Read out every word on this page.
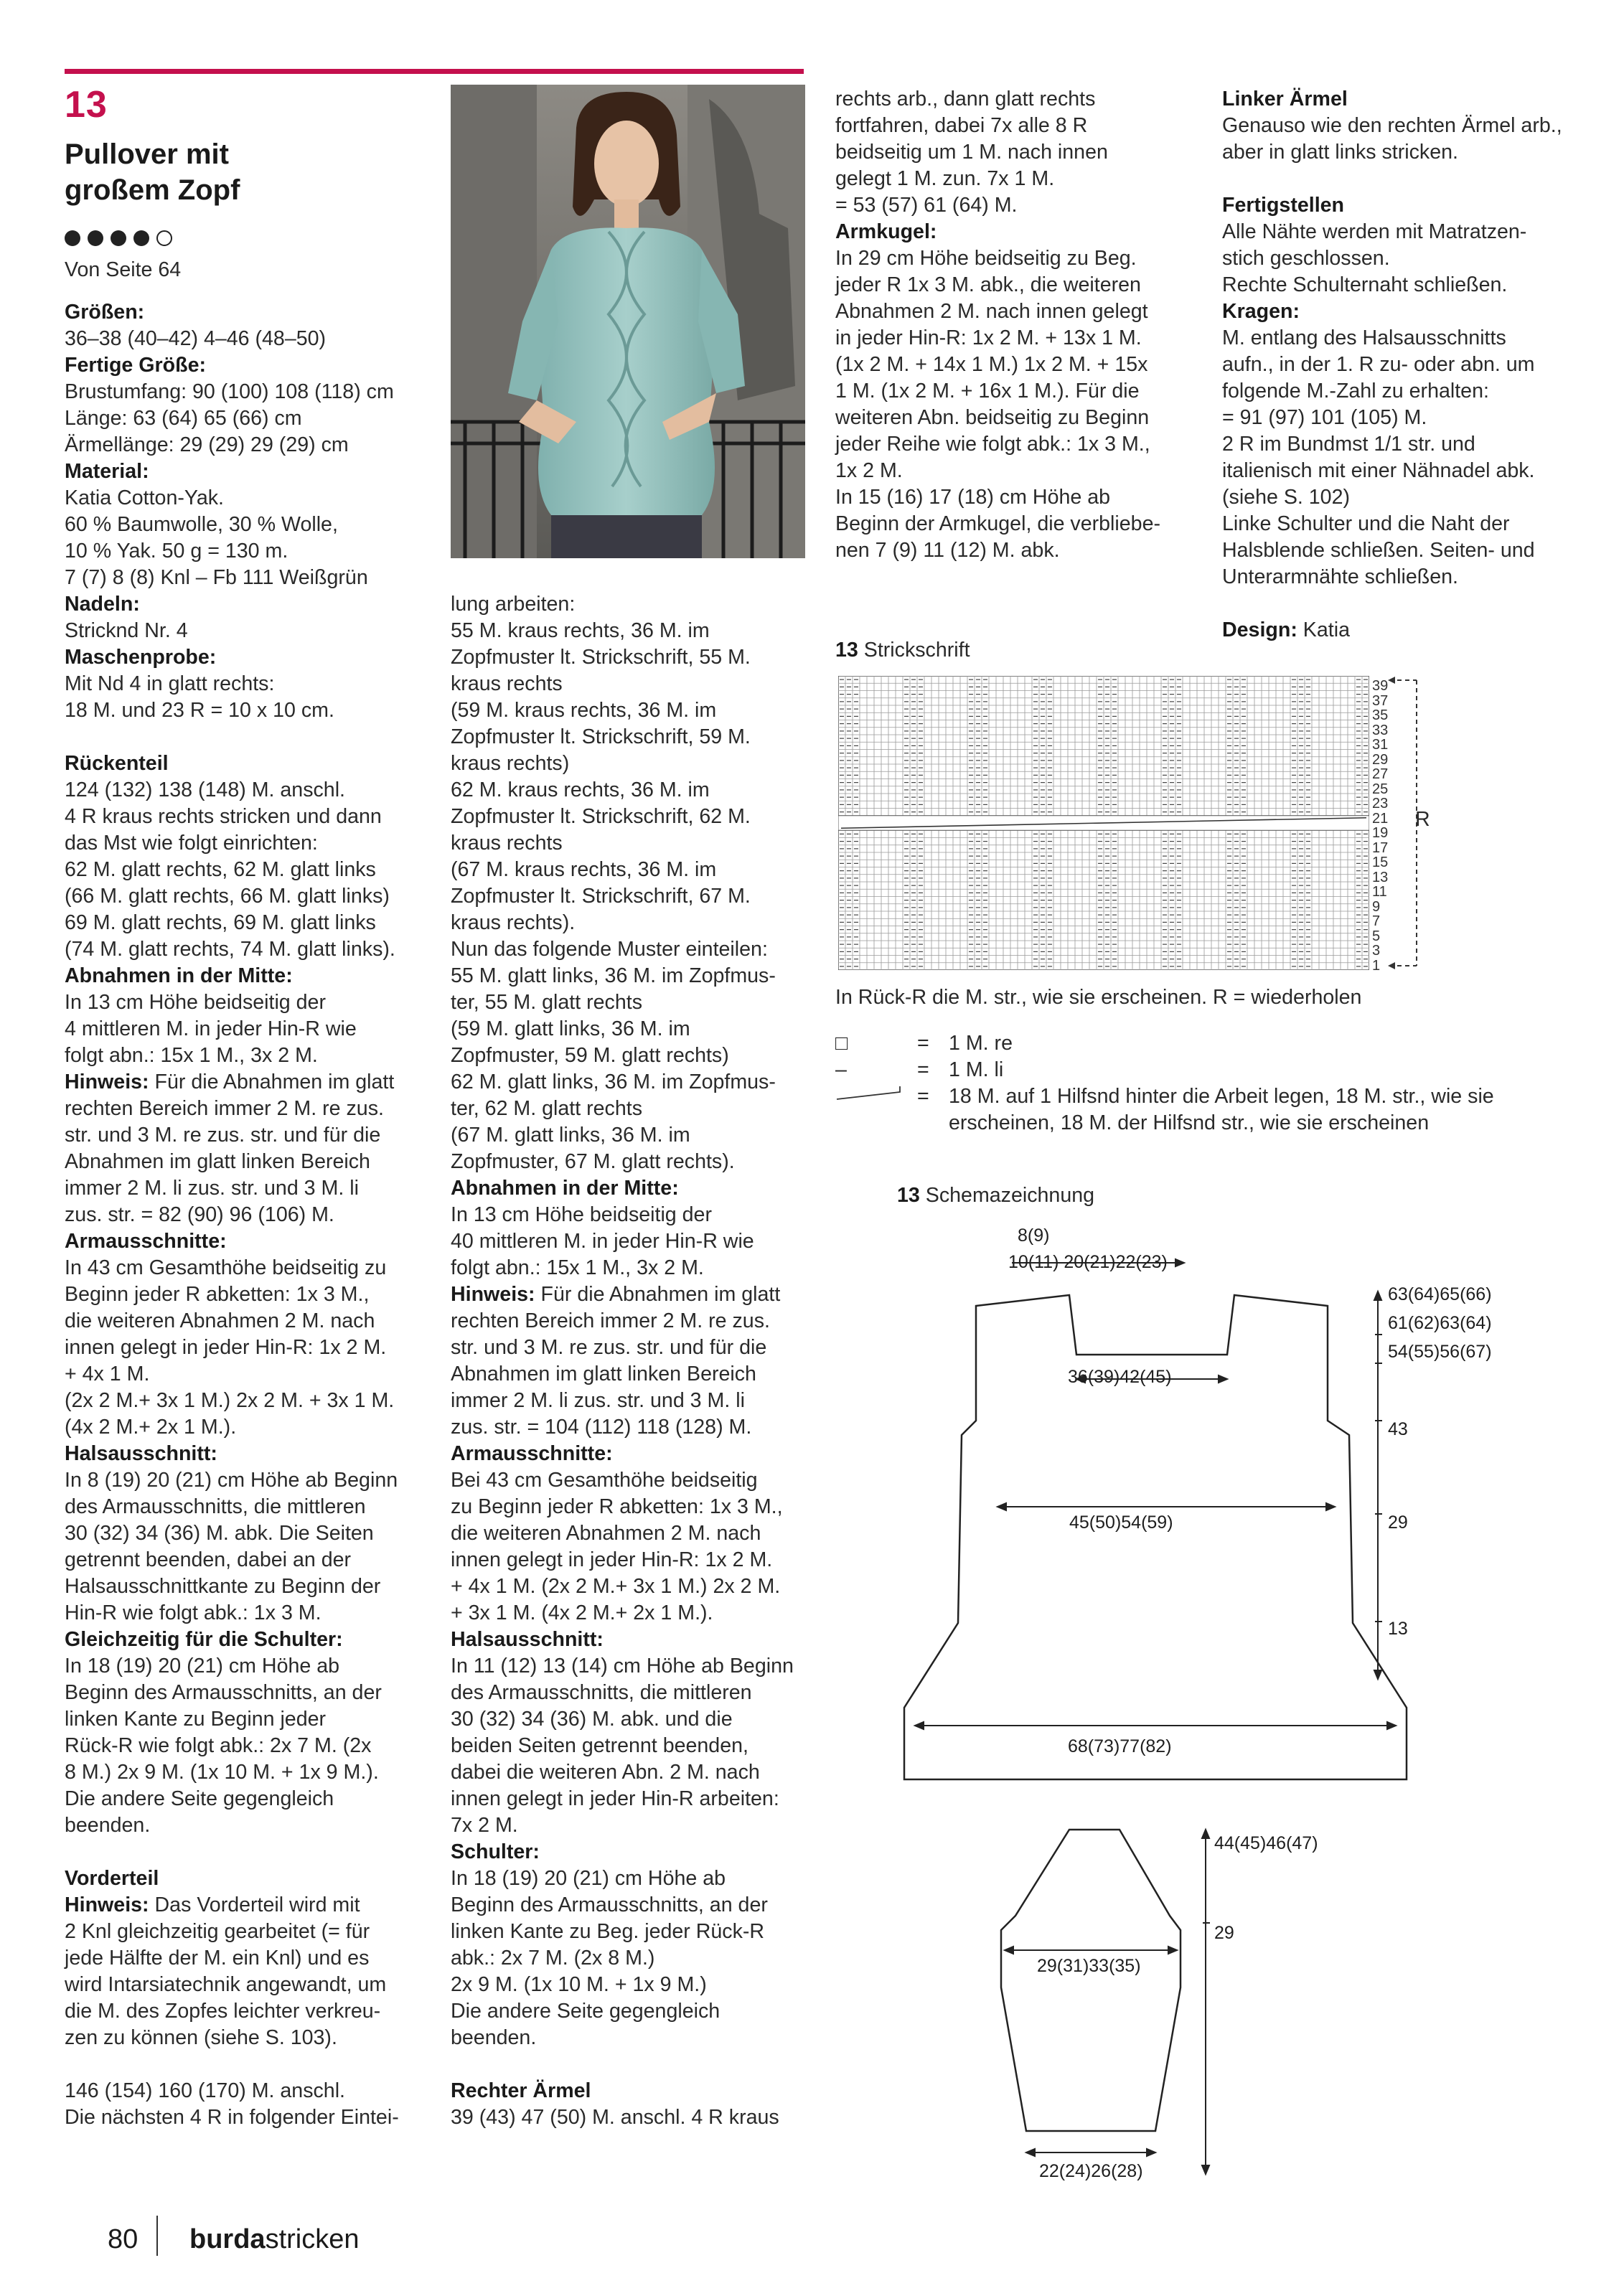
13

Pullover mit

großem Zopf

Von Seite 64

Größen:

36–38 (40–42) 4–46 (48–50)

Fertige Größe:

Brustumfang: 90 (100) 108 (118) cm

Länge: 63 (64) 65 (66) cm

Ärmellänge: 29 (29) 29 (29) cm

Material:

Katia Cotton-Yak.

60 % Baumwolle, 30 % Wolle,

10 % Yak. 50 g = 130 m.

7 (7) 8 (8) Knl – Fb 111 Weißgrün

Nadeln:

Stricknd Nr. 4

Maschenprobe:

Mit Nd 4 in glatt rechts:

18 M. und 23 R = 10 x 10 cm.

Rückenteil

124 (132) 138 (148) M. anschl.

4 R kraus rechts stricken und dann

das Mst wie folgt einrichten:

62 M. glatt rechts, 62 M. glatt links

(66 M. glatt rechts, 66 M. glatt links)

69 M. glatt rechts, 69 M. glatt links

(74 M. glatt rechts, 74 M. glatt links).

Abnahmen in der Mitte:

In 13 cm Höhe beidseitig der

4 mittleren M. in jeder Hin-R wie

folgt abn.: 15x 1 M., 3x 2 M.

Hinweis: Für die Abnahmen im glatt

rechten Bereich immer 2 M. re zus.

str. und 3 M. re zus. str. und für die

Abnahmen im glatt linken Bereich

immer 2 M. li zus. str. und 3 M. li

zus. str. = 82 (90) 96 (106) M.

Armausschnitte:

In 43 cm Gesamthöhe beidseitig zu

Beginn jeder R abketten: 1x 3 M.,

die weiteren Abnahmen 2 M. nach

innen gelegt in jeder Hin-R: 1x 2 M.

+ 4x 1 M.

(2x 2 M.+ 3x 1 M.) 2x 2 M. + 3x 1 M.

(4x 2 M.+ 2x 1 M.).

Halsausschnitt:

In 8 (19) 20 (21) cm Höhe ab Beginn

des Armausschnitts, die mittleren

30 (32) 34 (36) M. abk. Die Seiten

getrennt beenden, dabei an der

Halsausschnittkante zu Beginn der

Hin-R wie folgt abk.: 1x 3 M.

Gleichzeitig für die Schulter:

In 18 (19) 20 (21) cm Höhe ab

Beginn des Armausschnitts, an der

linken Kante zu Beginn jeder

Rück-R wie folgt abk.: 2x 7 M. (2x

8 M.) 2x 9 M. (1x 10 M. + 1x 9 M.).

Die andere Seite gegengleich

beenden.

Vorderteil

Hinweis: Das Vorderteil wird mit

2 Knl gleichzeitig gearbeitet (= für

jede Hälfte der M. ein Knl) und es

wird Intarsiatechnik angewandt, um

die M. des Zopfes leichter verkreu-

zen zu können (siehe S. 103).

146 (154) 160 (170) M. anschl.

Die nächsten 4 R in folgender Eintei-

lung arbeiten:

55 M. kraus rechts, 36 M. im

Zopfmuster lt. Strickschrift, 55 M.

kraus rechts

(59 M. kraus rechts, 36 M. im

Zopfmuster lt. Strickschrift, 59 M.

kraus rechts)

62 M. kraus rechts, 36 M. im

Zopfmuster lt. Strickschrift, 62 M.

kraus rechts

(67 M. kraus rechts, 36 M. im

Zopfmuster lt. Strickschrift, 67 M.

kraus rechts).

Nun das folgende Muster einteilen:

55 M. glatt links, 36 M. im Zopfmus-

ter, 55 M. glatt rechts

(59 M. glatt links, 36 M. im

Zopfmuster, 59 M. glatt rechts)

62 M. glatt links, 36 M. im Zopfmus-

ter, 62 M. glatt rechts

(67 M. glatt links, 36 M. im

Zopfmuster, 67 M. glatt rechts).

Abnahmen in der Mitte:

In 13 cm Höhe beidseitig der

40 mittleren M. in jeder Hin-R wie

folgt abn.: 15x 1 M., 3x 2 M.

Hinweis: Für die Abnahmen im glatt

rechten Bereich immer 2 M. re zus.

str. und 3 M. re zus. str. und für die

Abnahmen im glatt linken Bereich

immer 2 M. li zus. str. und 3 M. li

zus. str. = 104 (112) 118 (128) M.

Armausschnitte:

Bei 43 cm Gesamthöhe beidseitig

zu Beginn jeder R abketten: 1x 3 M.,

die weiteren Abnahmen 2 M. nach

innen gelegt in jeder Hin-R: 1x 2 M.

+ 4x 1 M. (2x 2 M.+ 3x 1 M.) 2x 2 M.

+ 3x 1 M. (4x 2 M.+ 2x 1 M.).

Halsausschnitt:

In 11 (12) 13 (14) cm Höhe ab Beginn

des Armausschnitts, die mittleren

30 (32) 34 (36) M. abk. und die

beiden Seiten getrennt beenden,

dabei die weiteren Abn. 2 M. nach

innen gelegt in jeder Hin-R arbeiten:

7x 2 M.

Schulter:

In 18 (19) 20 (21) cm Höhe ab

Beginn des Armausschnitts, an der

linken Kante zu Beg. jeder Rück-R

abk.: 2x 7 M. (2x 8 M.)

2x 9 M. (1x 10 M. + 1x 9 M.)

Die andere Seite gegengleich

beenden.

Rechter Ärmel

39 (43) 47 (50) M. anschl. 4 R kraus

rechts arb., dann glatt rechts

fortfahren, dabei 7x alle 8 R

beidseitig um 1 M. nach innen

gelegt 1 M. zun. 7x 1 M.

= 53 (57) 61 (64) M.

Armkugel:

In 29 cm Höhe beidseitig zu Beg.

jeder R 1x 3 M. abk., die weiteren

Abnahmen 2 M. nach innen gelegt

in jeder Hin-R: 1x 2 M. + 13x 1 M.

(1x 2 M. + 14x 1 M.) 1x 2 M. + 15x

1 M. (1x 2 M. + 16x 1 M.). Für die

weiteren Abn. beidseitig zu Beginn

jeder Reihe wie folgt abk.: 1x 3 M.,

1x 2 M.

In 15 (16) 17 (18) cm Höhe ab

Beginn der Armkugel, die verbliebe-

nen 7 (9) 11 (12) M. abk.

Linker Ärmel

Genauso wie den rechten Ärmel arb.,

aber in glatt links stricken.

Fertigstellen

Alle Nähte werden mit Matratzen-

stich geschlossen.

Rechte Schulternaht schließen.

Kragen:

M. entlang des Halsausschnitts

aufn., in der 1. R zu- oder abn. um

folgende M.-Zahl zu erhalten:

= 91 (97) 101 (105) M.

2 R im Bundmst 1/1 str. und

italienisch mit einer Nähnadel abk.

(siehe S. 102)

Linke Schulter und die Naht der

Halsblende schließen. Seiten- und

Unterarmnähte schließen.

Design: Katia

13 Strickschrift
39
37
35
33
31
29
27
25
23
21
19
17
15
13
11
9
7
5
3
1
R
In Rück-R die M. str., wie sie erscheinen. R = wiederholen
□	= 1 M. re
–	= 1 M. li
= 18 M. auf 1 Hilfsnd hinter die Arbeit legen, 18 M. str., wie sie
erscheinen, 18 M. der Hilfsnd str., wie sie erscheinen
13 Schemazeichnung
8(9)
10(11) 20(21)22(23)
36(39)42(45)
45(50)54(59)
68(73)77(82)
63(64)65(66)
61(62)63(64)
54(55)56(67)
43
29
13
44(45)46(47)
29
29(31)33(35)
22(24)26(28)
80 burdastricken
